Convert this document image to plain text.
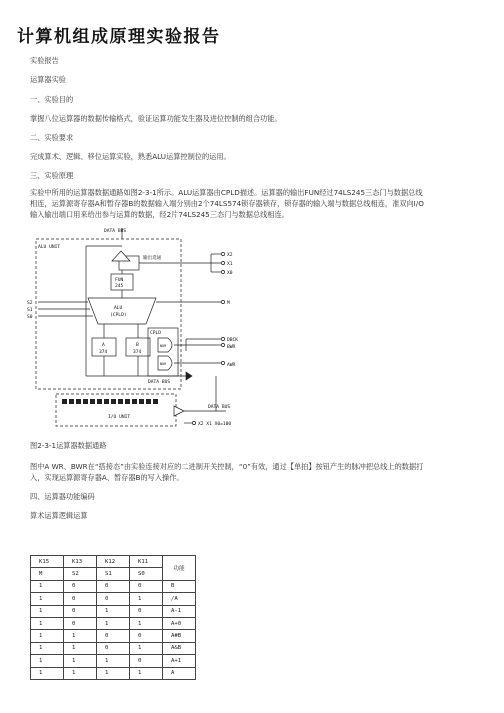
计算机组成原理实验报告
实验报告
运算器实验
一、实验目的
掌握八位运算器的数据传输格式，验证运算功能发生器及进位控制的组合功能。
二、实验要求
完成算术、逻辑、移位运算实验，熟悉ALU运算控制位的运用。
三、实验原理
实验中所用的运算器数据通路如图2-3-1所示。ALU运算器由CPLD描述。运算器的输出FUN经过74LS245三态门与数据总线
相连，运算源寄存器A和暂存器B的数据输入端分别由2个74LS574锁存器锁存，锁存器的输入端与数据总线相连，准双向I/O
输入输出端口用来给出参与运算的数据，经2片74LS245三态门与数据总线相连。
DATA BUS
ALU UNIT
输出选通
X2
X1
X0
FUN
245
ALU
(CPLD)
S2
S1
S0
M
A
374
B
374
CPLD
NOR
NOR
DBCK
BWR
AWR
DATA BUS
I/O UNIT
DATA BUS
X2 X1 X0=100
图2-3-1运算器数据通路
图中A WR、BWR在“搭接态”由实验连接对应的二进制开关控制，“0”有效，通过【单拍】按钮产生的脉冲把总线上的数据打
入，实现运算源寄存器A、暂存器B的写入操作。
四、运算器功能编码
算术运算逻辑运算
K15	K13	K12	K11	功能
M	S2	S1	S0	
1	0	0	0	B
1	0	0	1	/A
1	0	1	0	A-1
1	0	1	1	A+0
1	1	0	0	A#B
1	1	0	1	A&B
1	1	1	0	A+1
1	1	1	1	A
